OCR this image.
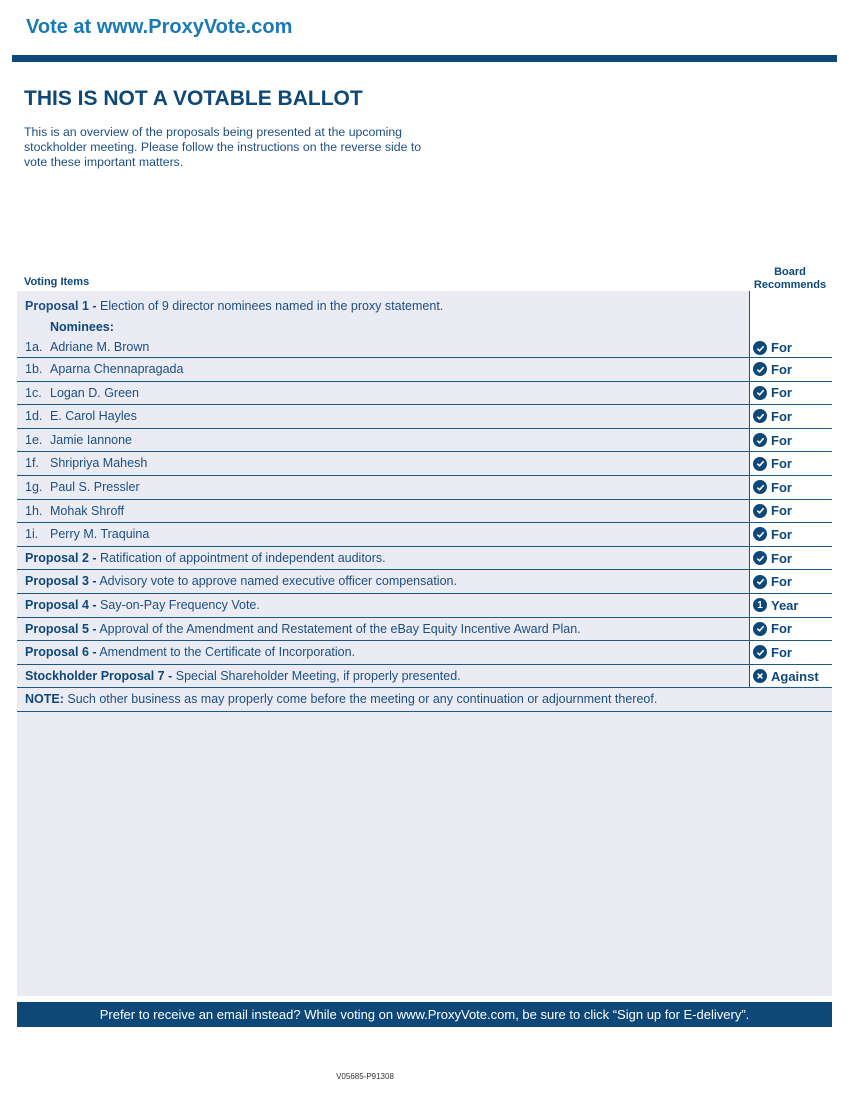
Vote at www.ProxyVote.com
THIS IS NOT A VOTABLE BALLOT
This is an overview of the proposals being presented at the upcoming stockholder meeting. Please follow the instructions on the reverse side to vote these important matters.
Voting Items
Board
Recommends
Proposal 1 - Election of 9 director nominees named in the proxy statement.
Nominees:
1a. Adriane M. Brown	For
1b. Aparna Chennapragada	For
1c. Logan D. Green	For
1d. E. Carol Hayles	For
1e. Jamie Iannone	For
1f. Shripriya Mahesh	For
1g. Paul S. Pressler	For
1h. Mohak Shroff	For
1i. Perry M. Traquina	For
Proposal 2 - Ratification of appointment of independent auditors.	For
Proposal 3 - Advisory vote to approve named executive officer compensation.	For
Proposal 4 - Say-on-Pay Frequency Vote.	1 Year
Proposal 5 - Approval of the Amendment and Restatement of the eBay Equity Incentive Award Plan.	For
Proposal 6 - Amendment to the Certificate of Incorporation.	For
Stockholder Proposal 7 - Special Shareholder Meeting, if properly presented.	Against
NOTE: Such other business as may properly come before the meeting or any continuation or adjournment thereof.
Prefer to receive an email instead? While voting on www.ProxyVote.com, be sure to click “Sign up for E-delivery”.
V05685-P91308
